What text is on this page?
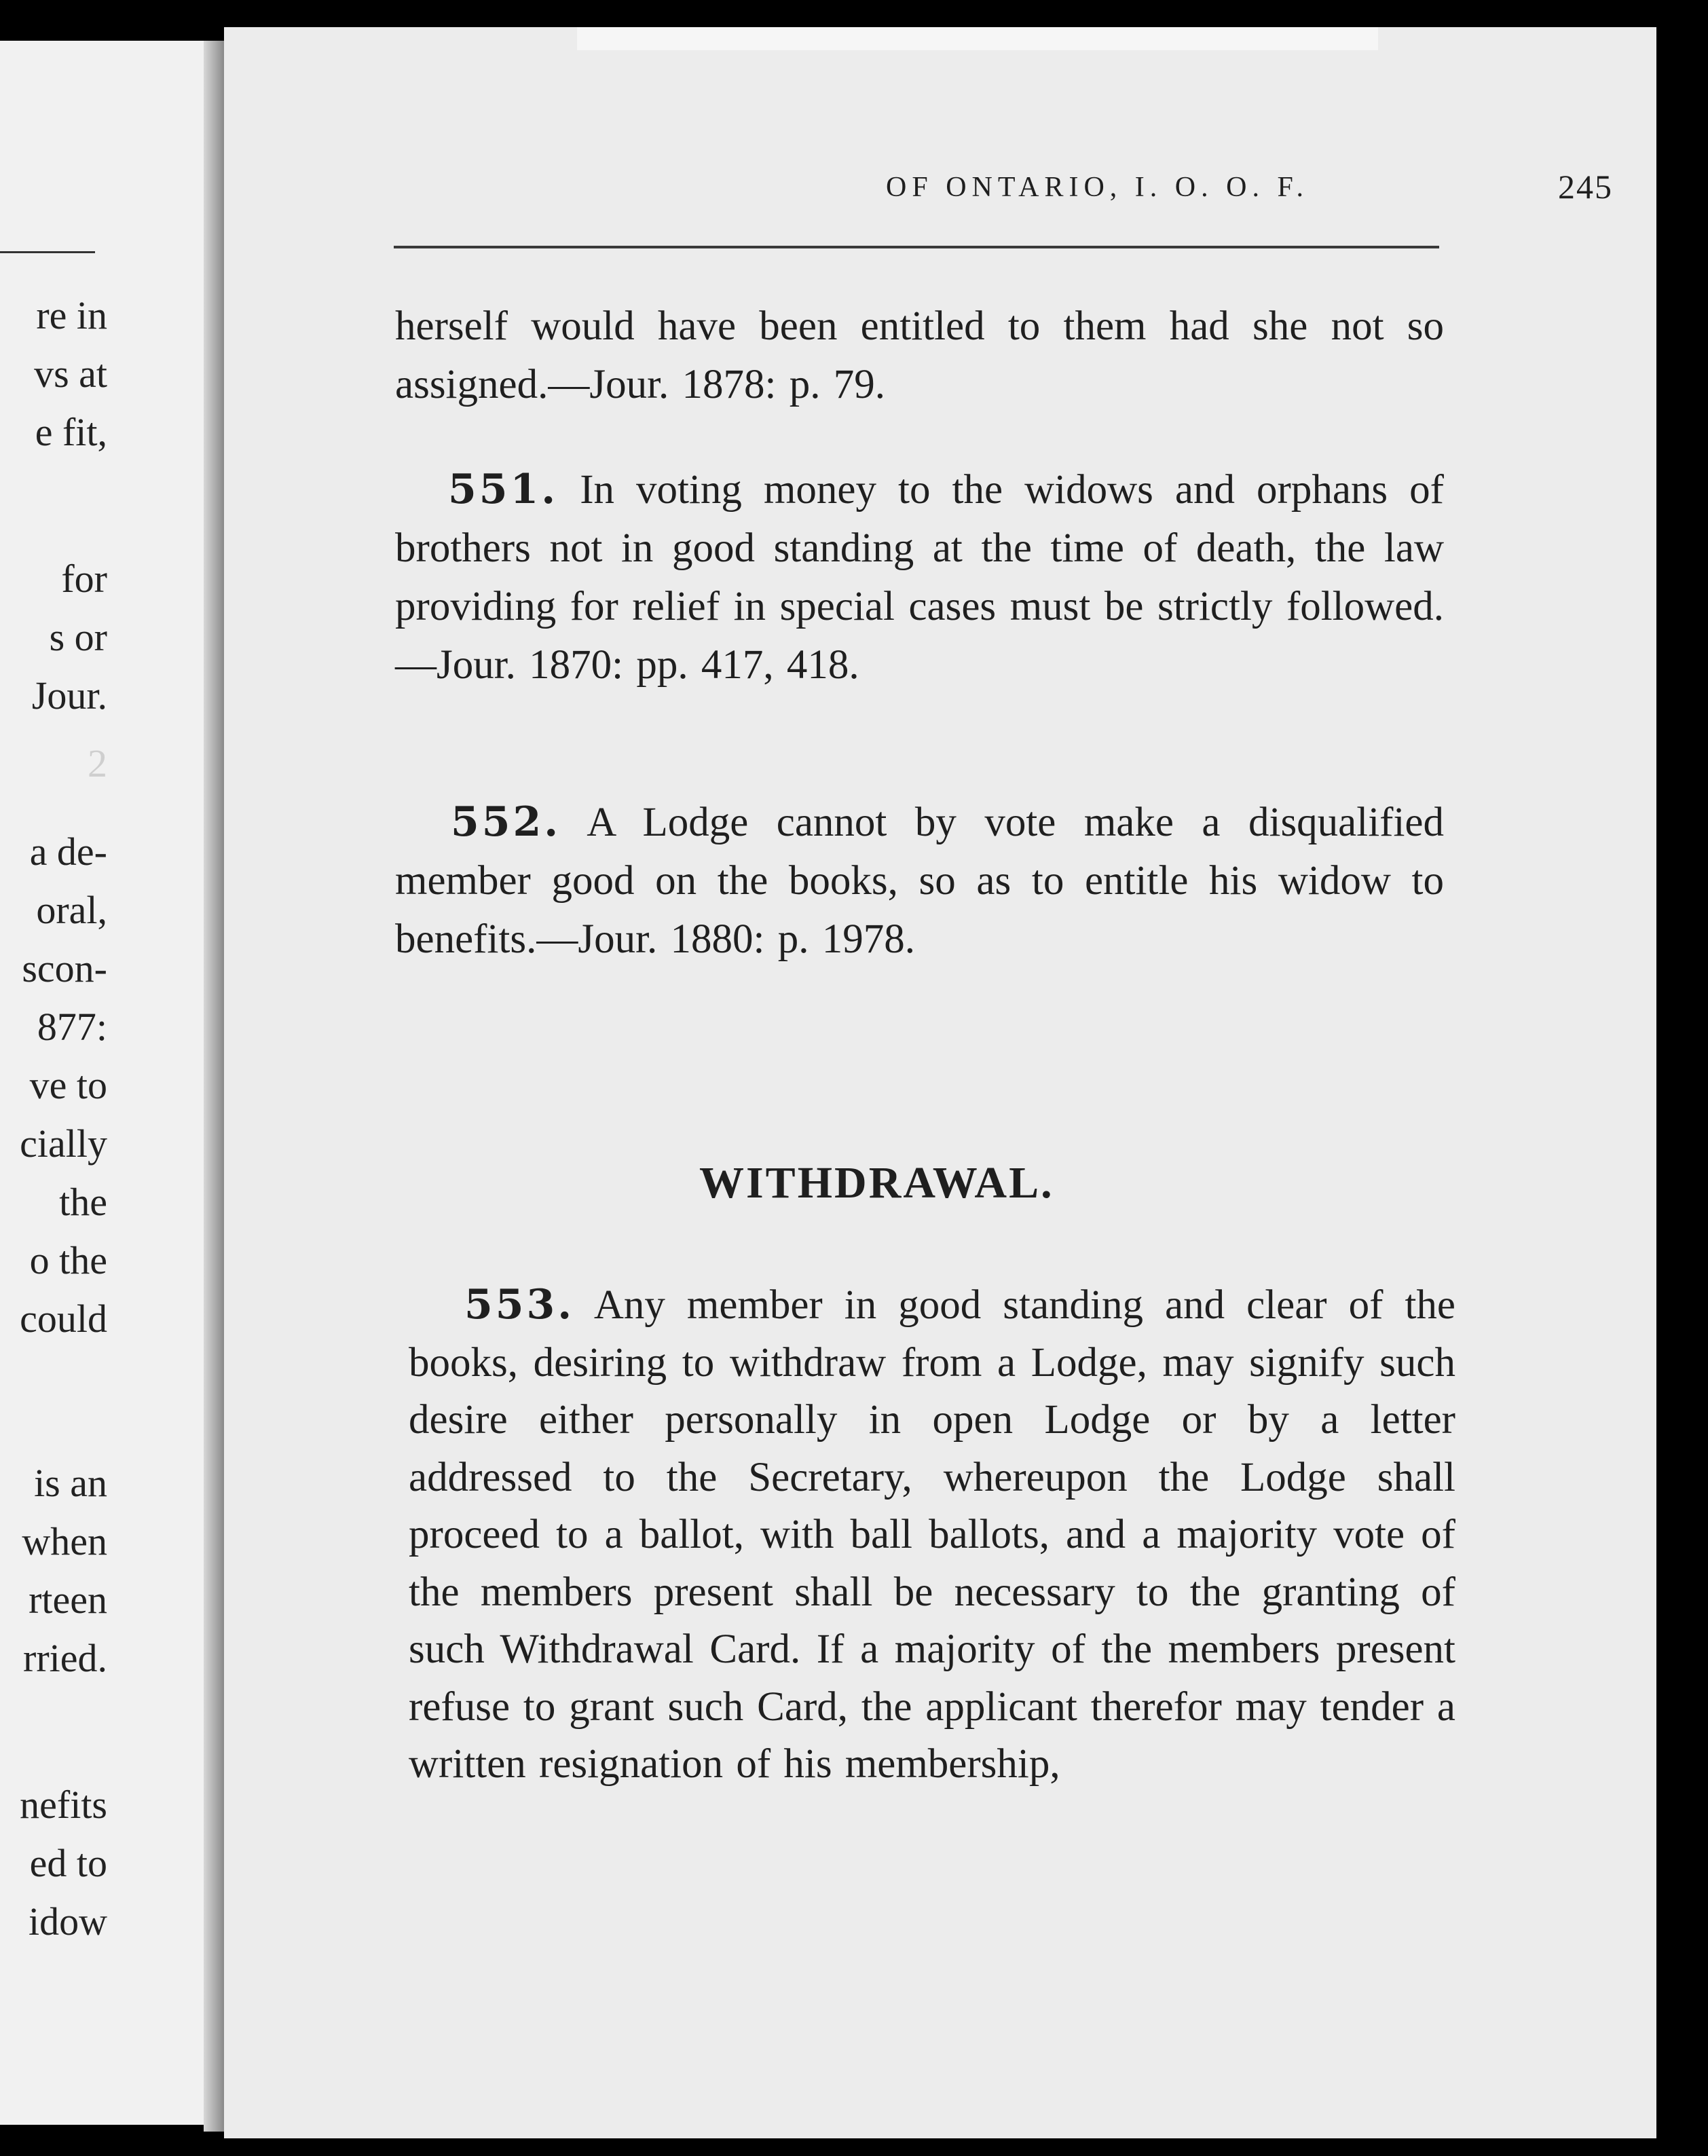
re in
vs at
e fit,
for
s or
Jour.
2
a de-
oral,
scon-
877:
ve to
cially
the
o the
could
is an
when
rteen
rried.
nefits
ed to
idow
OF ONTARIO, I. O. O. F.	245

herself would have been entitled to them had she not so assigned.—Jour. 1878: p. 79.

551. In voting money to the widows and orphans of brothers not in good standing at the time of death, the law providing for relief in special cases must be strictly followed.—Jour. 1870: pp. 417, 418.

552. A Lodge cannot by vote make a disqualified member good on the books, so as to entitle his widow to benefits.—Jour. 1880: p. 1978.

WITHDRAWAL.

553. Any member in good standing and clear of the books, desiring to withdraw from a Lodge, may signify such desire either personally in open Lodge or by a letter addressed to the Secretary, whereupon the Lodge shall proceed to a ballot, with ball ballots, and a majority vote of the members present shall be necessary to the granting of such Withdrawal Card. If a majority of the members present refuse to grant such Card, the applicant therefor may tender a written resignation of his membership,
